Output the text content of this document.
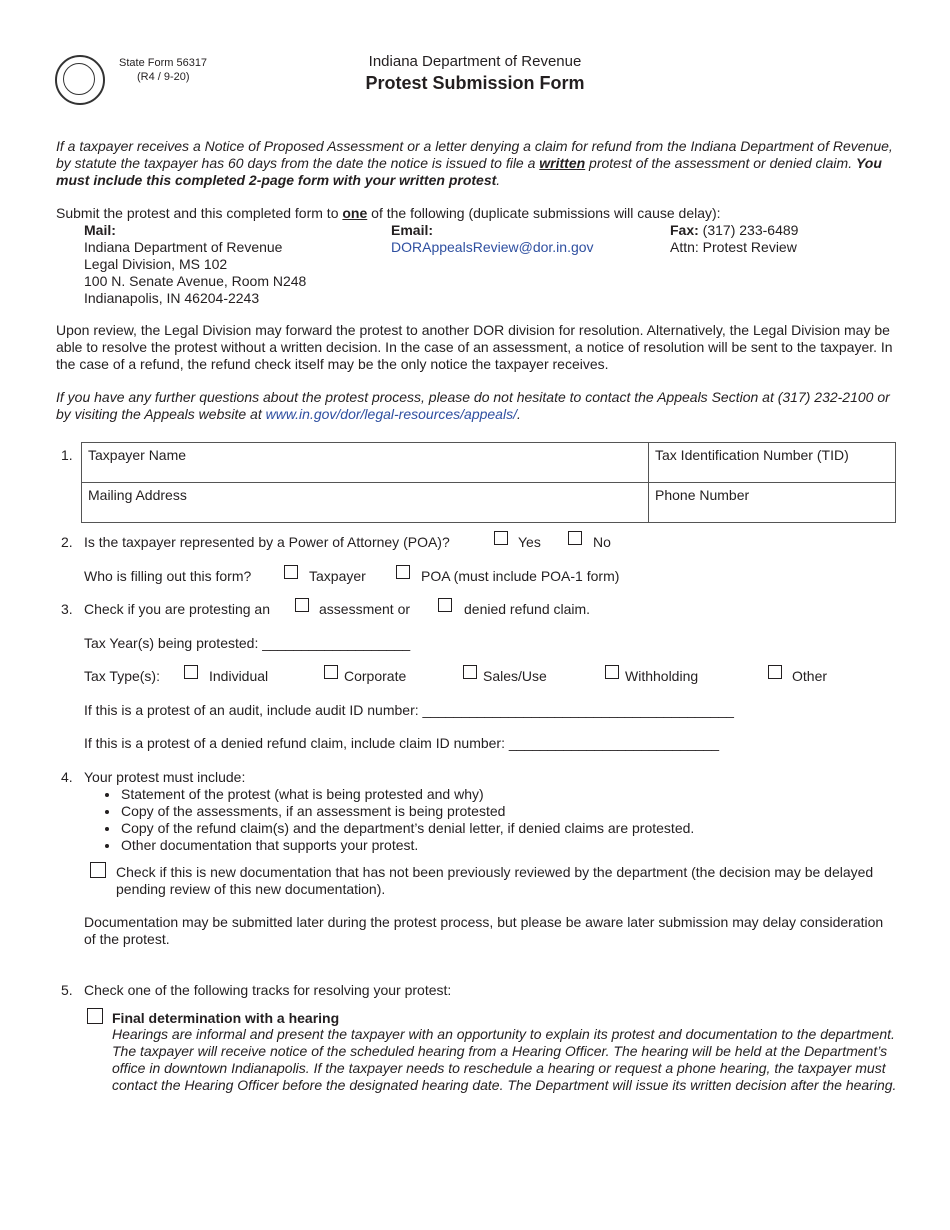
State Form 56317
(R4 / 9-20)
Indiana Department of Revenue
Protest Submission Form
If a taxpayer receives a Notice of Proposed Assessment or a letter denying a claim for refund from the Indiana Department of Revenue, by statute the taxpayer has 60 days from the date the notice is issued to file a written protest of the assessment or denied claim. You must include this completed 2-page form with your written protest.
Submit the protest and this completed form to one of the following (duplicate submissions will cause delay):
Mail:
Indiana Department of Revenue
Legal Division, MS 102
100 N. Senate Avenue, Room N248
Indianapolis, IN 46204-2243
Email:
DORAppealsReview@dor.in.gov
Fax: (317) 233-6489
Attn: Protest Review
Upon review, the Legal Division may forward the protest to another DOR division for resolution. Alternatively, the Legal Division may be able to resolve the protest without a written decision. In the case of an assessment, a notice of resolution will be sent to the taxpayer. In the case of a refund, the refund check itself may be the only notice the taxpayer receives.
If you have any further questions about the protest process, please do not hesitate to contact the Appeals Section at (317) 232-2100 or by visiting the Appeals website at www.in.gov/dor/legal-resources/appeals/.
1. Taxpayer Name	Tax Identification Number (TID)
Mailing Address	Phone Number
2. Is the taxpayer represented by a Power of Attorney (POA)?	Yes	No
Who is filling out this form?	Taxpayer	POA (must include POA-1 form)
3. Check if you are protesting an	assessment or	denied refund claim.
Tax Year(s) being protested: ___________________
Tax Type(s):	Individual	Corporate	Sales/Use	Withholding	Other
If this is a protest of an audit, include audit ID number: ________________________________________
If this is a protest of a denied refund claim, include claim ID number: ___________________________
4. Your protest must include:
• Statement of the protest (what is being protested and why)
• Copy of the assessments, if an assessment is being protested
• Copy of the refund claim(s) and the department’s denial letter, if denied claims are protested.
• Other documentation that supports your protest.
Check if this is new documentation that has not been previously reviewed by the department (the decision may be delayed pending review of this new documentation).
Documentation may be submitted later during the protest process, but please be aware later submission may delay consideration of the protest.
5. Check one of the following tracks for resolving your protest:
Final determination with a hearing
Hearings are informal and present the taxpayer with an opportunity to explain its protest and documentation to the department. The taxpayer will receive notice of the scheduled hearing from a Hearing Officer. The hearing will be held at the Department’s office in downtown Indianapolis. If the taxpayer needs to reschedule a hearing or request a phone hearing, the taxpayer must contact the Hearing Officer before the designated hearing date. The Department will issue its written decision after the hearing.
